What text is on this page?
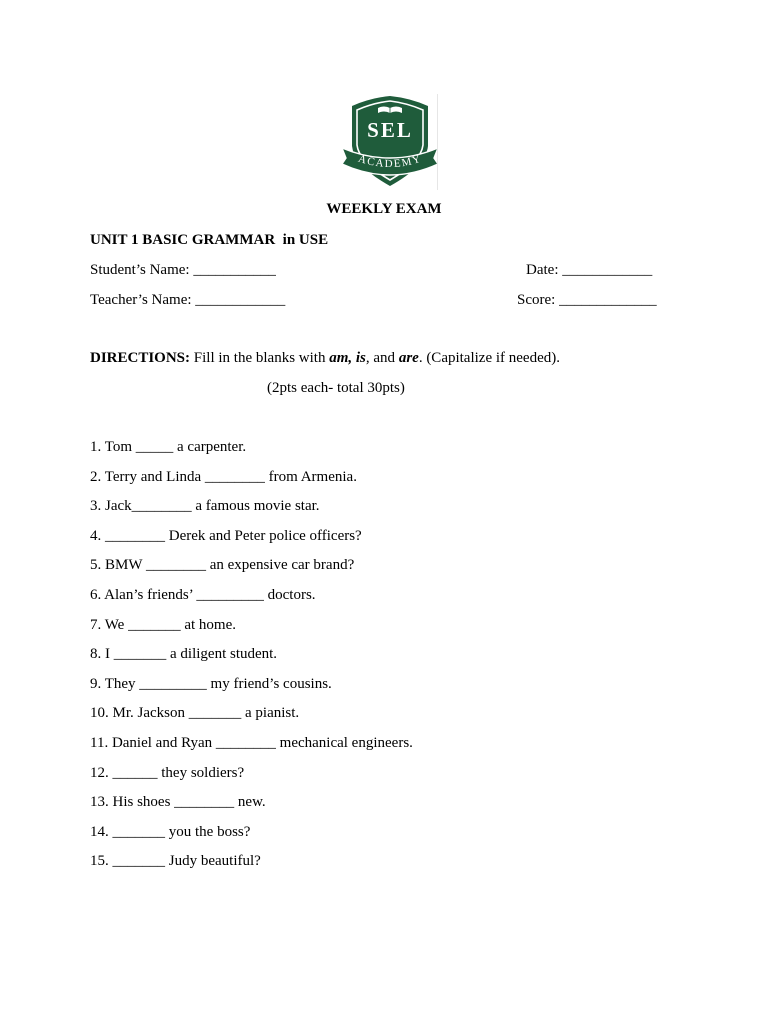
SEL
ACADEMY
WEEKLY EXAM
UNIT 1 BASIC GRAMMAR  in USE
Student’s Name: ___________	Date: ____________
Teacher’s Name: ____________	Score: _____________
DIRECTIONS: Fill in the blanks with am, is, and are. (Capitalize if needed).
(2pts each- total 30pts)
1. Tom _____ a carpenter.
2. Terry and Linda ________ from Armenia.
3. Jack________ a famous movie star.
4. ________ Derek and Peter police officers?
5. BMW ________ an expensive car brand?
6. Alan’s friends’ _________ doctors.
7. We _______ at home.
8. I _______ a diligent student.
9. They _________ my friend’s cousins.
10. Mr. Jackson _______ a pianist.
11. Daniel and Ryan ________ mechanical engineers.
12. ______ they soldiers?
13. His shoes ________ new.
14. _______ you the boss?
15. _______ Judy beautiful?
